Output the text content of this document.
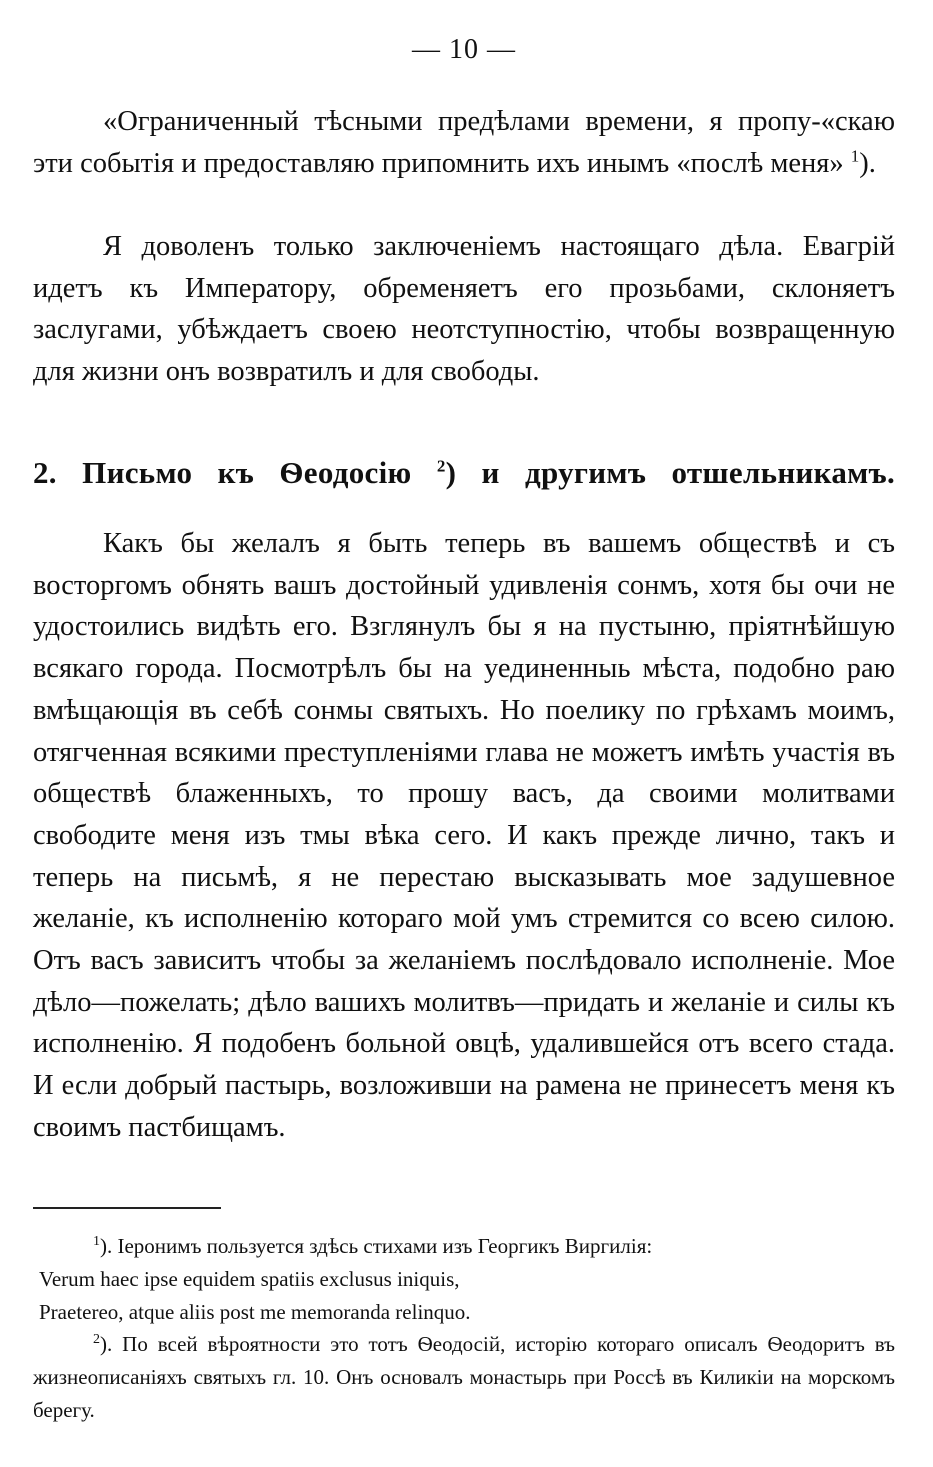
— 10 —

«Ограниченный тѣсными предѣлами времени, я пропу-«скаю эти событія и предоставляю припомнить ихъ инымъ «послѣ меня» $^1$).

Я доволенъ только заключеніемъ настоящаго дѣла. Евагрій идетъ къ Императору, обременяетъ его прозьбами, склоняетъ заслугами, убѣждаетъ своею неотступностію, чтобы возвращенную для жизни онъ возвратилъ и для свободы.

2. Письмо къ Ѳеодосію $^2$) и другимъ отшельникамъ.

Какъ бы желалъ я быть теперь въ вашемъ обществѣ и съ восторгомъ обнять вашъ достойный удивленія сонмъ, хотя бы очи не удостоились видѣть его. Взглянулъ бы я на пустыню, пріятнѣйшую всякаго города. Посмотрѣлъ бы на уединенныь мѣста, подобно раю вмѣщающія въ себѣ сонмы святыхъ. Но поелику по грѣхамъ моимъ, отягченная всякими преступленіями глава не можетъ имѣть участія въ обществѣ блаженныхъ, то прошу васъ, да своими молитвами свободите меня изъ тмы вѣка сего. И какъ прежде лично, такъ и теперь на письмѣ, я не перестаю высказывать мое задушевное желаніе, къ исполненію котораго мой умъ стремится со всею силою. Отъ васъ зависитъ чтобы за желаніемъ послѣдовало исполненіе. Мое дѣло—пожелать; дѣло вашихъ молитвъ—придать и желаніе и силы къ исполненію. Я подобенъ больной овцѣ, удалившейся отъ всего стада. И если добрый пастырь, возложивши на рамена не принесетъ меня къ своимъ пастбищамъ.

$^1$). Іеронимъ пользуется здѣсь стихами изъ Георгикъ Виргилія:

Verum haec ipse equidem spatiis exclusus iniquis,

Praetereo, atque aliis post me memoranda relinquo.

$^2$). По всей вѣроятности это тотъ Ѳеодосій, исторію котораго описалъ Ѳеодоритъ въ жизнеописаніяхъ святыхъ гл. 10. Онъ основалъ монастырь при Россѣ въ Киликіи на морскомъ берегу.
